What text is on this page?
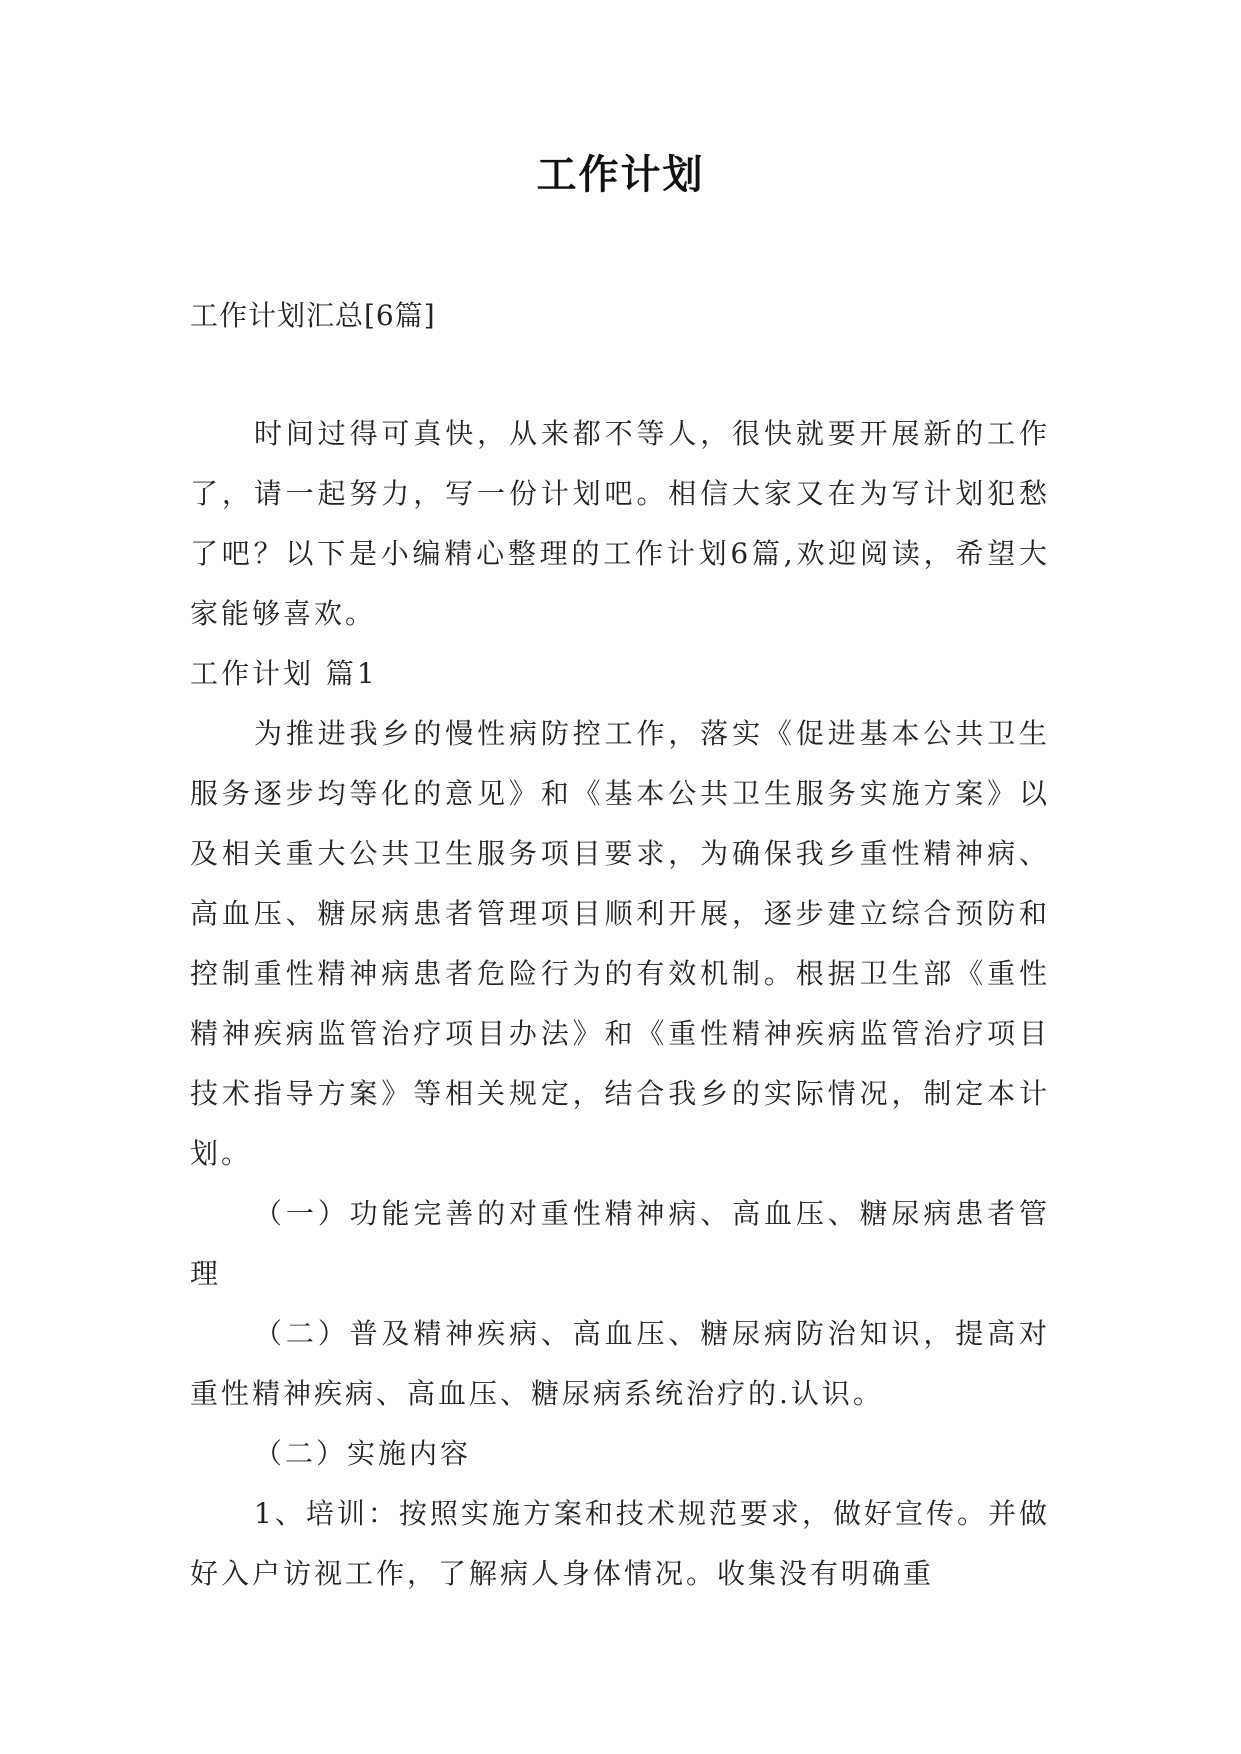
工作计划
工作计划汇总[6篇]

时间过得可真快，从来都不等人，很快就要开展新的工作了，请一起努力，写一份计划吧。相信大家又在为写计划犯愁了吧？以下是小编精心整理的工作计划6篇,欢迎阅读，希望大家能够喜欢。

工作计划 篇1

为推进我乡的慢性病防控工作，落实《促进基本公共卫生服务逐步均等化的意见》和《基本公共卫生服务实施方案》以及相关重大公共卫生服务项目要求，为确保我乡重性精神病、高血压、糖尿病患者管理项目顺利开展，逐步建立综合预防和控制重性精神病患者危险行为的有效机制。根据卫生部《重性精神疾病监管治疗项目办法》和《重性精神疾病监管治疗项目技术指导方案》等相关规定，结合我乡的实际情况，制定本计划。

（一）功能完善的对重性精神病、高血压、糖尿病患者管理

（二）普及精神疾病、高血压、糖尿病防治知识，提高对重性精神疾病、高血压、糖尿病系统治疗的.认识。

（二）实施内容

1、培训：按照实施方案和技术规范要求，做好宣传。并做好入户访视工作，了解病人身体情况。收集没有明确重
